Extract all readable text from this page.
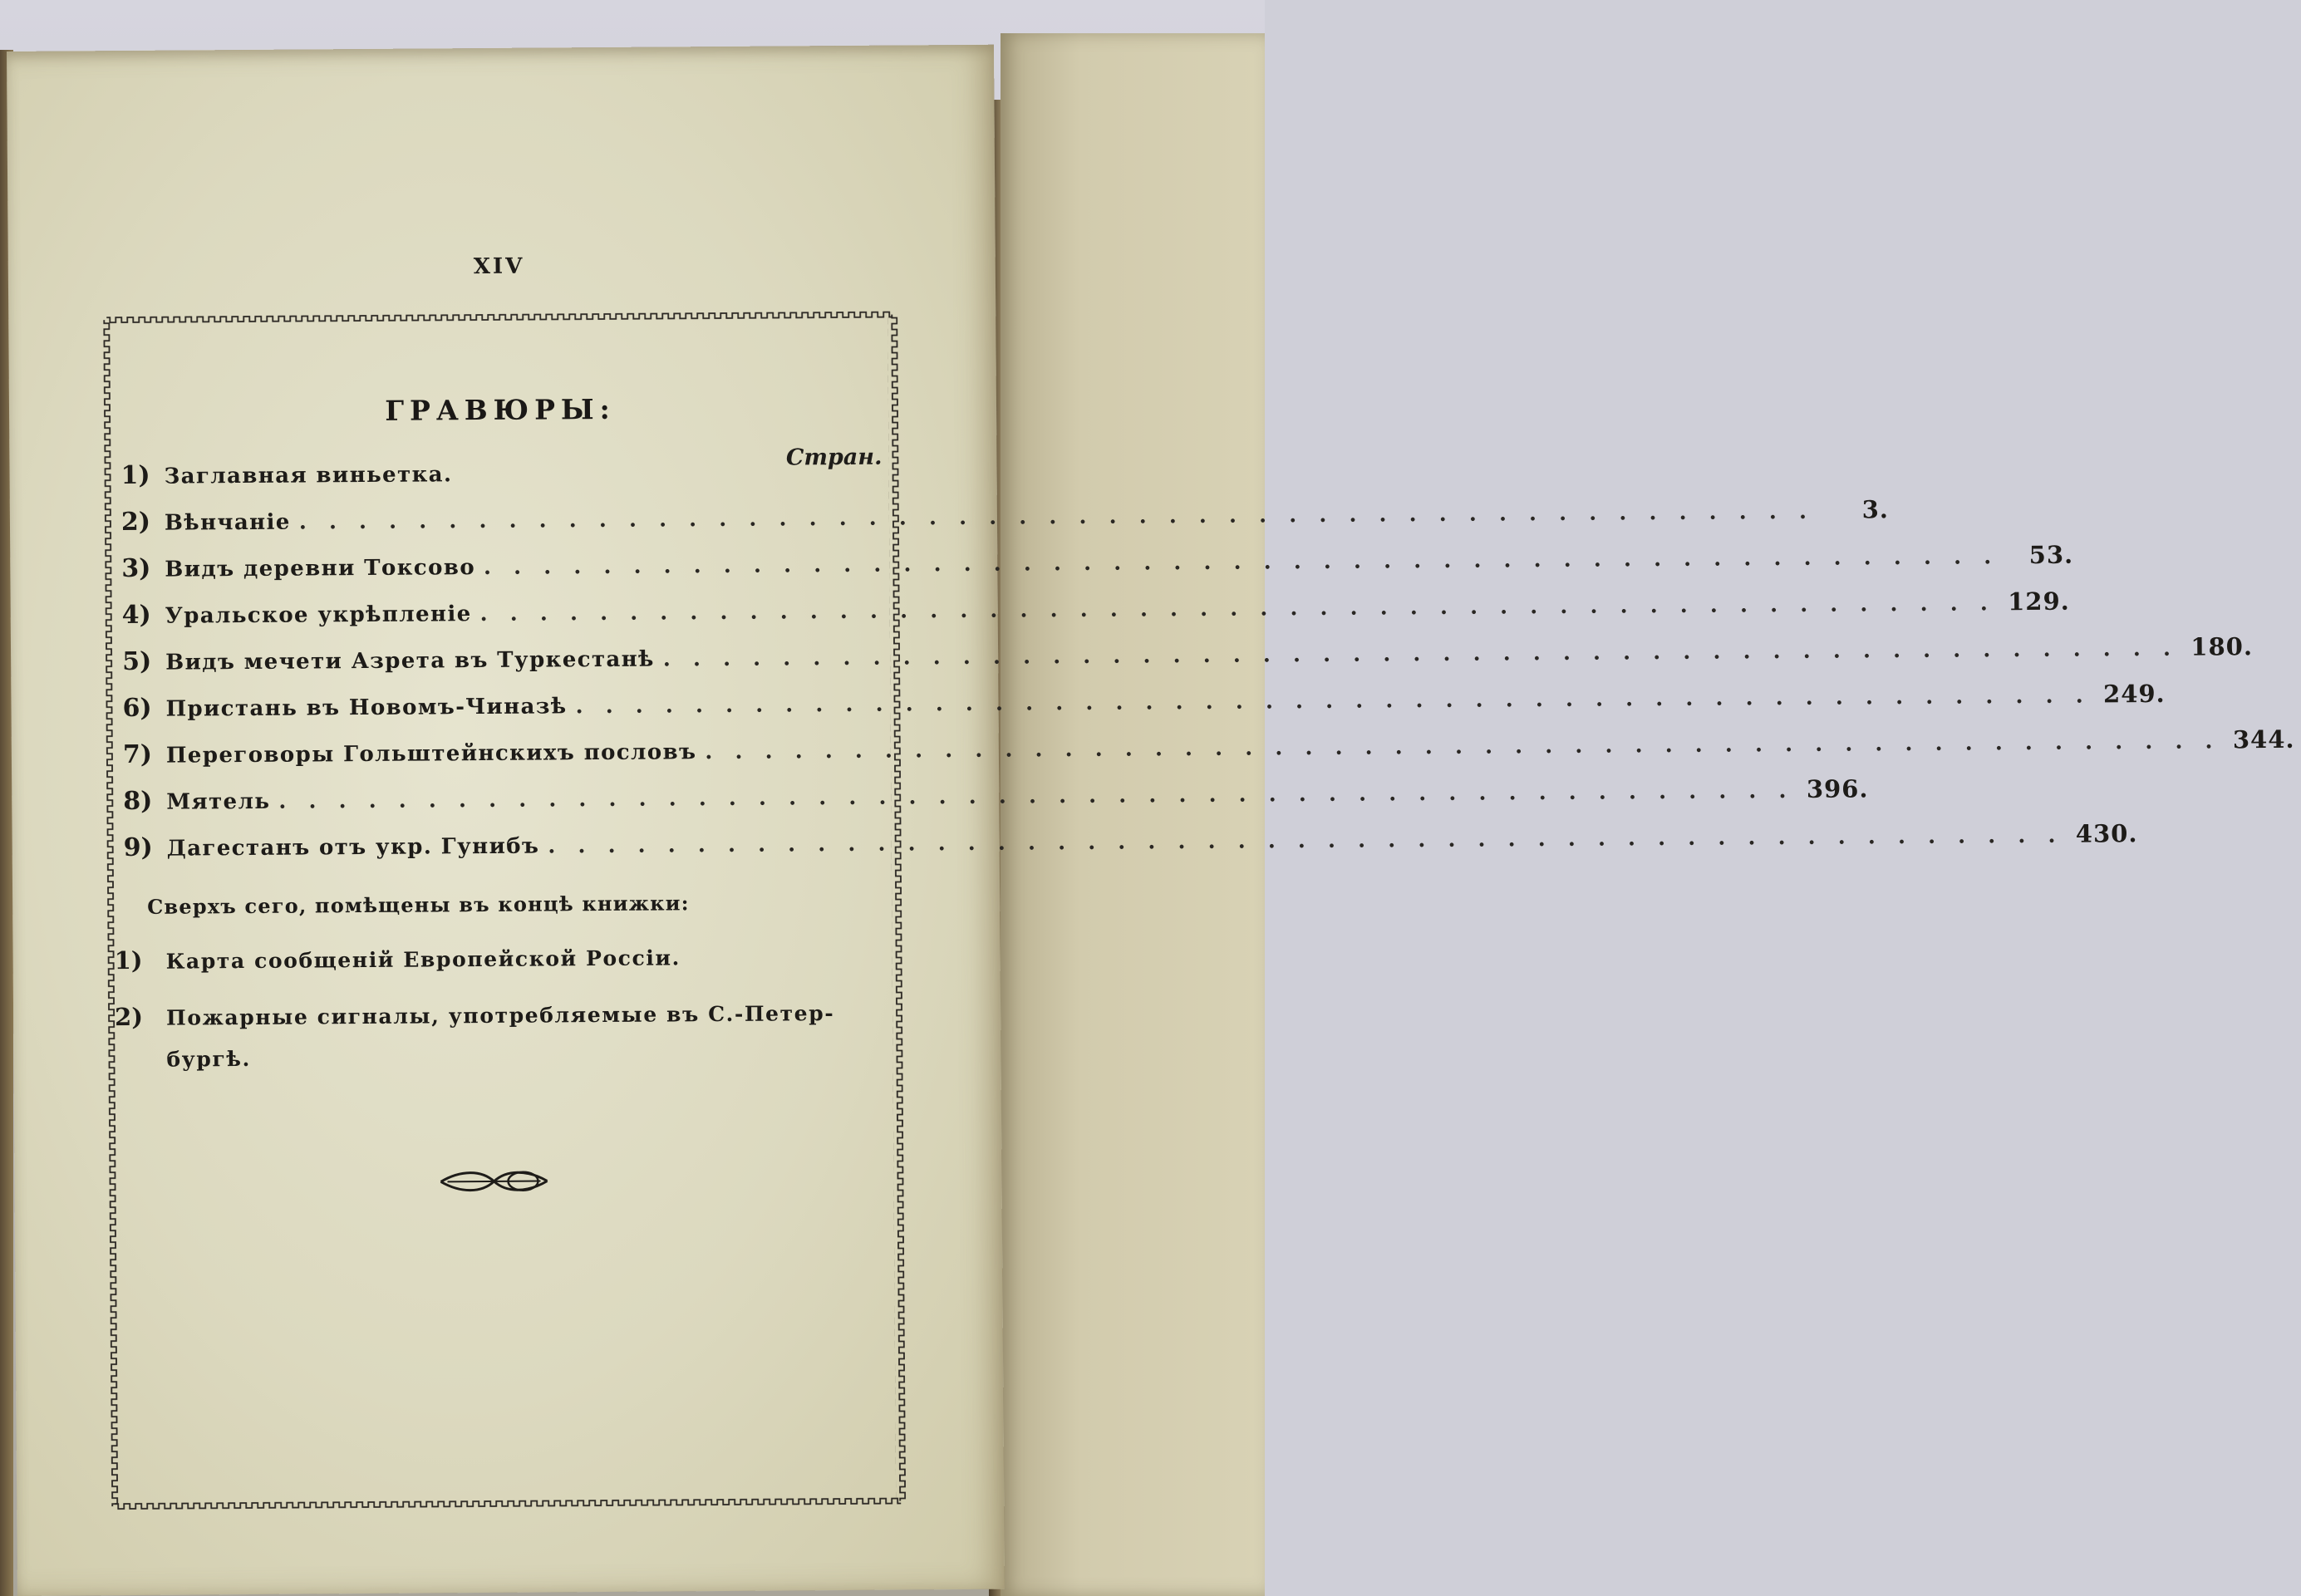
XIV
ГРАВЮРЫ:
Стран.
1) Заглавная виньетка.
2) Вѣнчаніе . . . . . . . . . . . . . . . . . . . . . . . . . . . . . . . . . . . . . . . . . . . . . . . . . . .	3.
3) Видъ деревни Токсово . . . . . . . . . . . . . . . . . . . . . . . . . . . . . . . . . . . . . . . . . . . . . . . . . . .	53.
4) Уральское укрѣпленіе . . . . . . . . . . . . . . . . . . . . . . . . . . . . . . . . . . . . . . . . . . . . . . . . . . . 129.
5) Видъ мечети Азрета въ Туркестанѣ . . . . . . . . . . . . . . . . . . . . . . . . . . . . . . . . . . . . . . . . . . . . . . . . . . . 180.
6) Пристань въ Новомъ-Чиназѣ . . . . . . . . . . . . . . . . . . . . . . . . . . . . . . . . . . . . . . . . . . . . . . . . . . . 249.
7) Переговоры Гольштейнскихъ пословъ . . . . . . . . . . . . . . . . . . . . . . . . . . . . . . . . . . . . . . . . . . . . . . . . . . . 344.
8) Мятель . . . . . . . . . . . . . . . . . . . . . . . . . . . . . . . . . . . . . . . . . . . . . . . . . . . 396.
9) Дагестанъ отъ укр. Гунибъ . . . . . . . . . . . . . . . . . . . . . . . . . . . . . . . . . . . . . . . . . . . . . . . . . . . 430.
Сверхъ сего, помѣщены въ концѣ книжки:
1) Карта сообщеній Европейской Россіи.
2) Пожарные сигналы, употребляемые въ С.-Петер-
бургѣ.
